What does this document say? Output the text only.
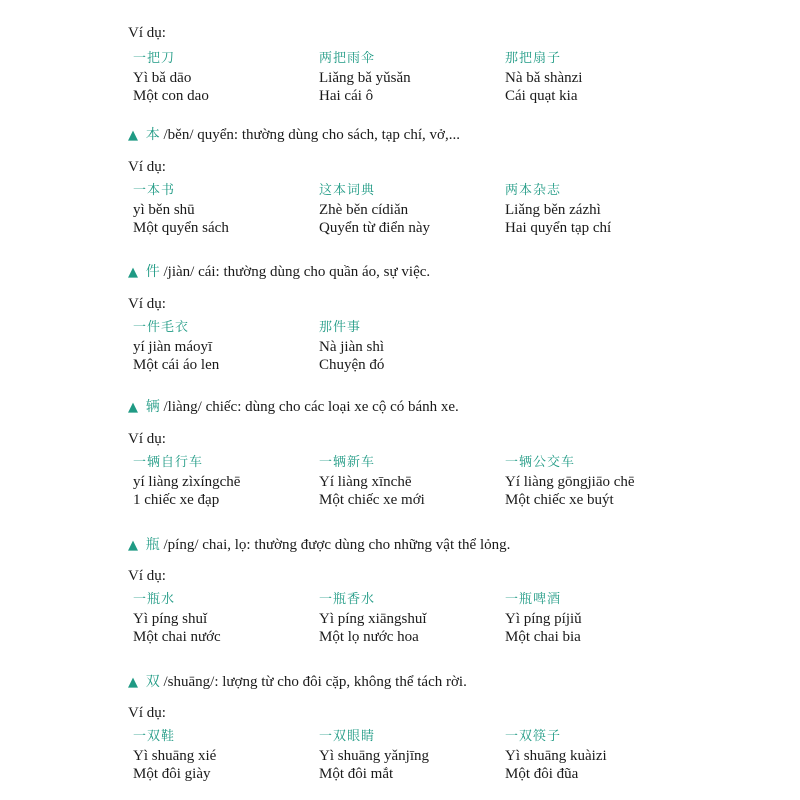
Ví dụ:
一把刀
Yì bǎ dāo
Một con dao
两把雨伞
Liǎng bǎ yǔsǎn
Hai cái ô
那把扇子
Nà bǎ shànzi
Cái quạt kia
▲ 本 /běn/ quyển: thường dùng cho sách, tạp chí, vở,...
Ví dụ:
一本书
yì běn shū
Một quyển sách
这本词典
Zhè běn cídiǎn
Quyển từ điển này
两本杂志
Liǎng běn zázhì
Hai quyển tạp chí
▲ 件 /jiàn/ cái: thường dùng cho quần áo, sự việc.
Ví dụ:
一件毛衣
yí jiàn máoyī
Một cái áo len
那件事
Nà jiàn shì
Chuyện đó
▲ 辆 /liàng/ chiếc: dùng cho các loại xe cộ có bánh xe.
Ví dụ:
一辆自行车
yí liàng zìxíngchē
1 chiếc xe đạp
一辆新车
Yí liàng xīnchē
Một chiếc xe mới
一辆公交车
Yí liàng gōngjiāo chē
Một chiếc xe buýt
▲ 瓶 /píng/ chai, lọ: thường được dùng cho những vật thể lỏng.
Ví dụ:
一瓶水
Yì píng shuǐ
Một chai nước
一瓶香水
Yì píng xiāngshuǐ
Một lọ nước hoa
一瓶啤酒
Yì píng píjiǔ
Một chai bia
▲ 双 /shuāng/: lượng từ cho đôi cặp, không thể tách rời.
Ví dụ:
一双鞋
Yì shuāng xié
Một đôi giày
一双眼睛
Yì shuāng yǎnjīng
Một đôi mắt
一双筷子
Yì shuāng kuàizi
Một đôi đũa
